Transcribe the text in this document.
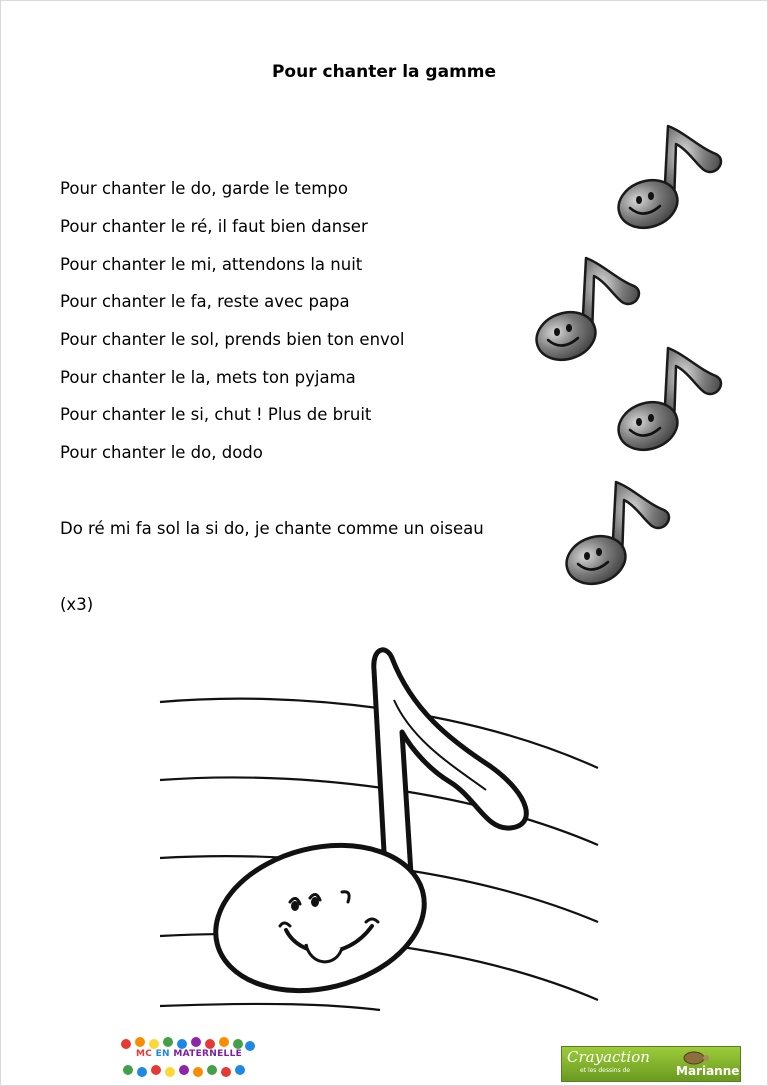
Pour chanter la gamme
Pour chanter le do, garde le tempo
Pour chanter le ré, il faut bien danser
Pour chanter le mi, attendons la nuit
Pour chanter le fa, reste avec papa
Pour chanter le sol, prends bien ton envol
Pour chanter le la, mets ton pyjama
Pour chanter le si, chut ! Plus de bruit
Pour chanter le do, dodo
Do ré mi fa sol la si do, je chante comme un oiseau
(x3)
MC EN MATERNELLE	Crayaction
et les dessins de	Marianne
